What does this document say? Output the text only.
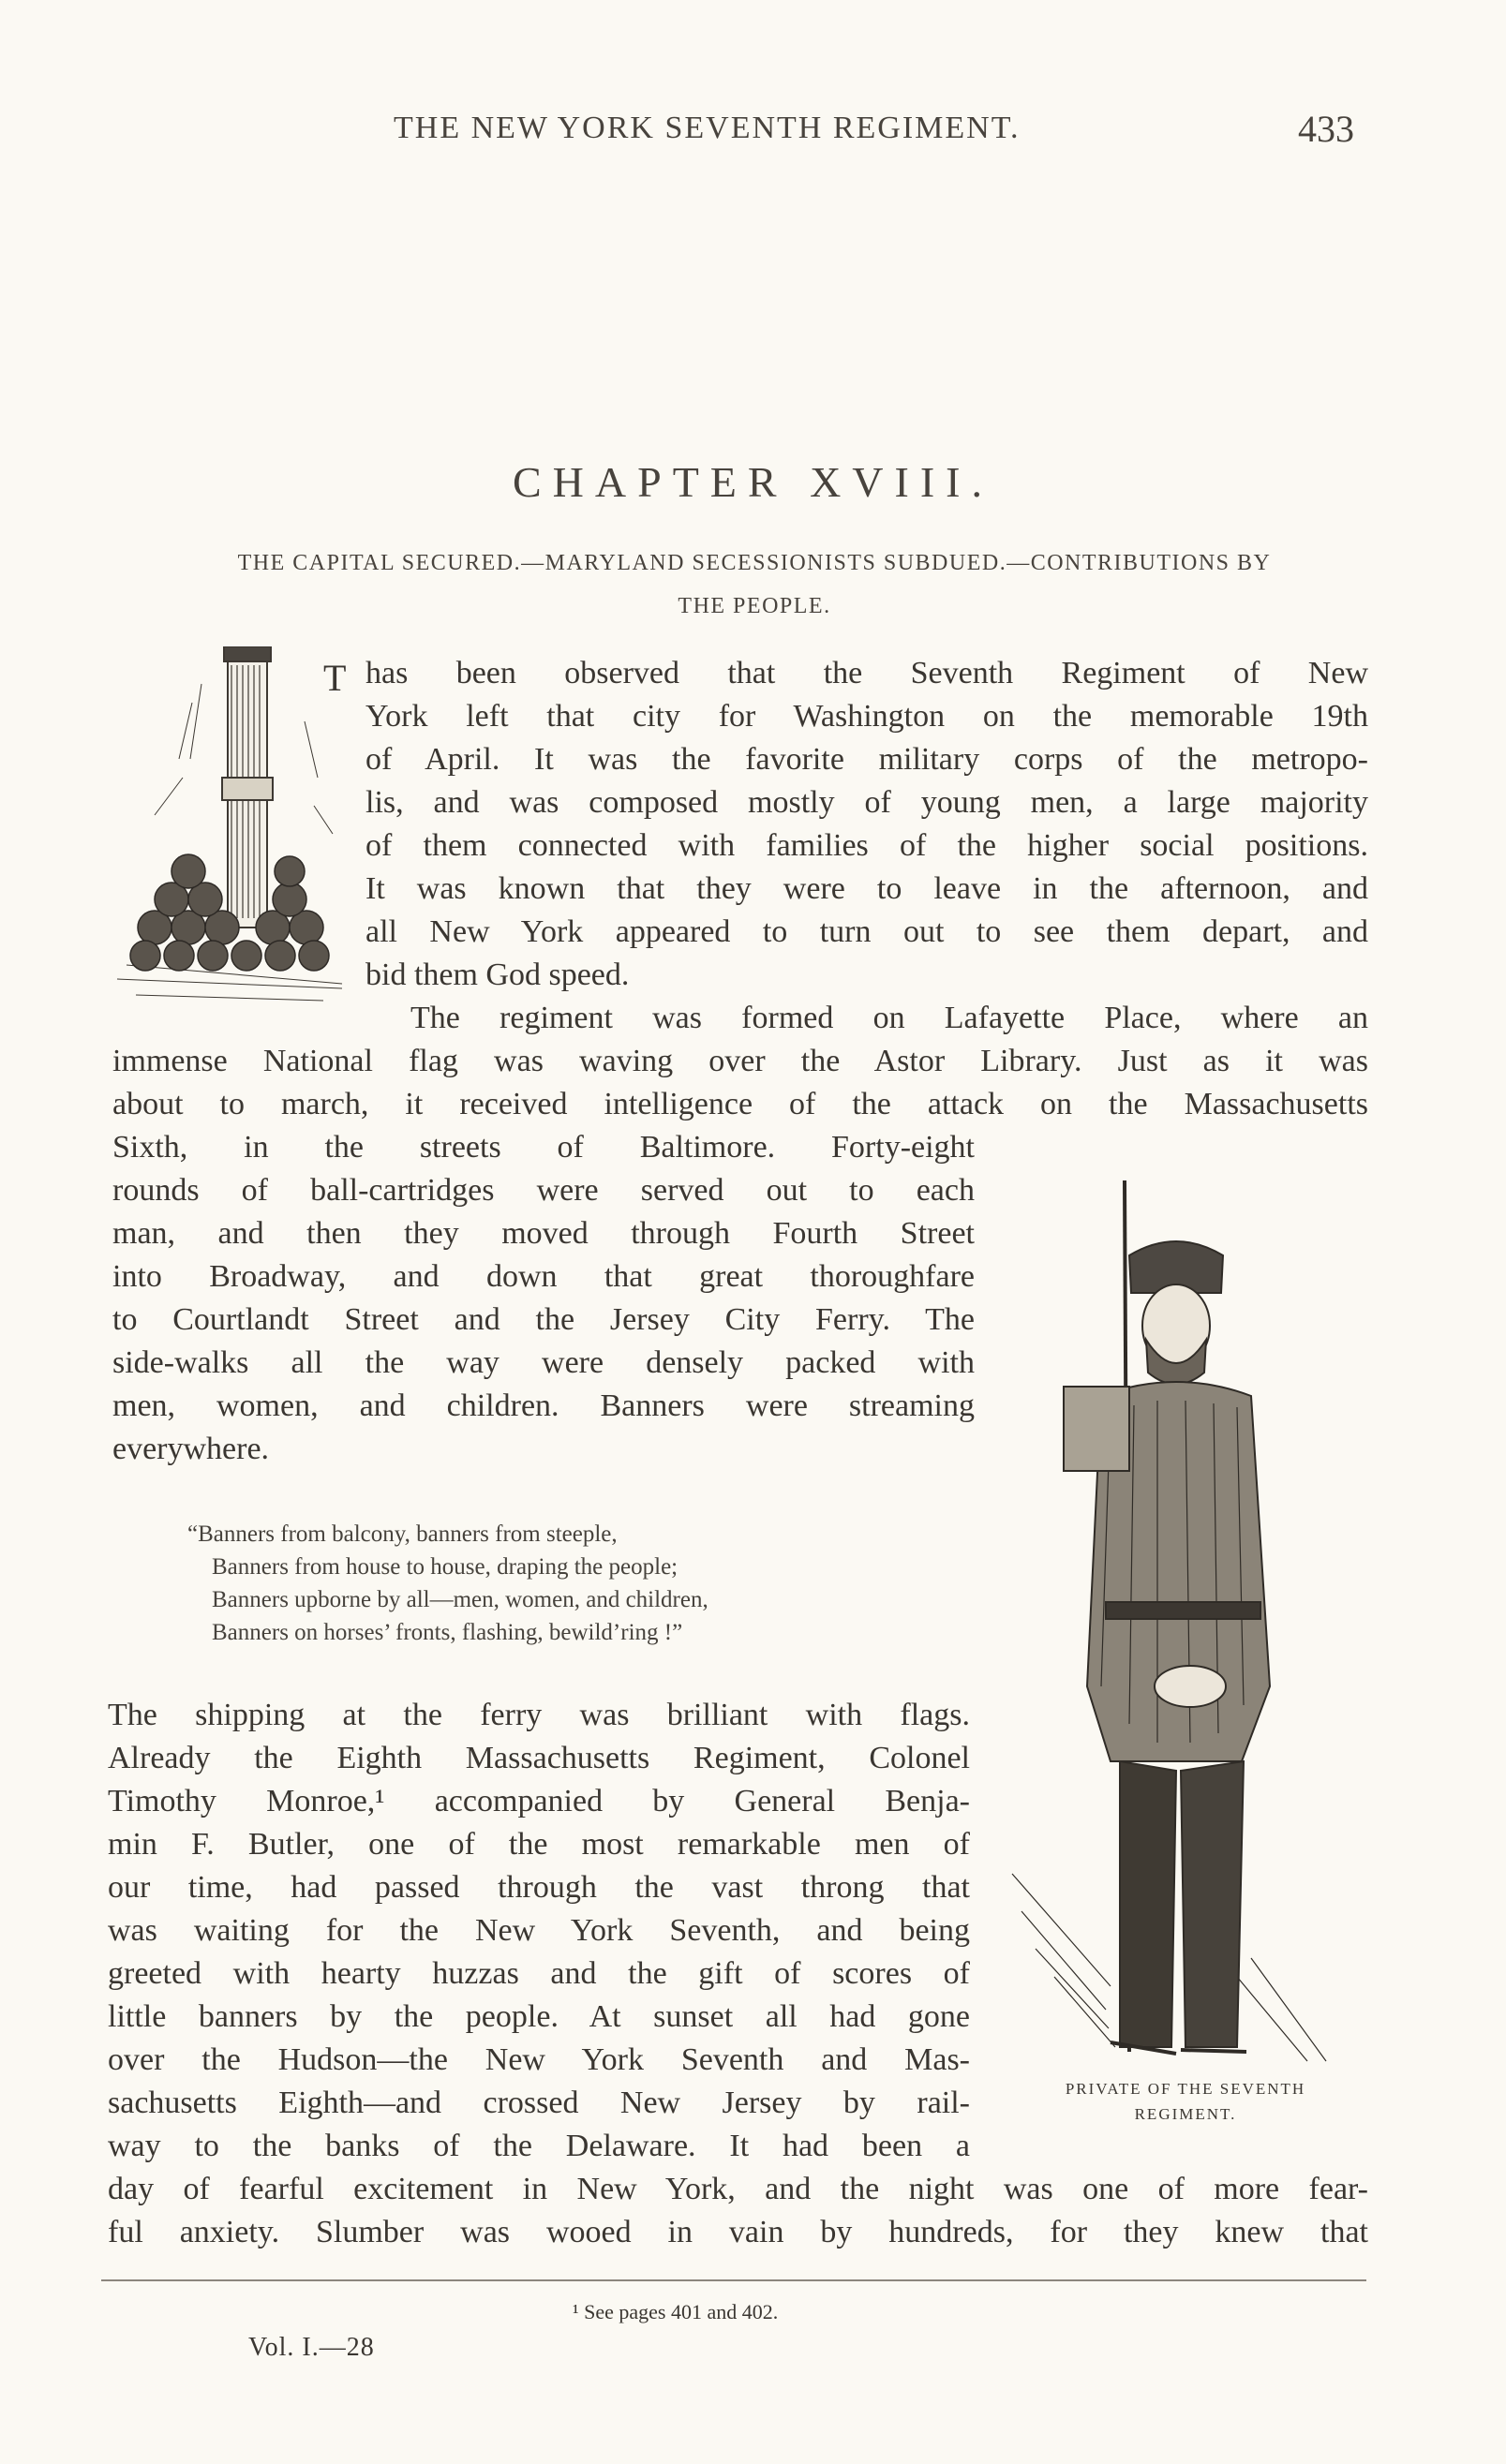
THE NEW YORK SEVENTH REGIMENT.	433
CHAPTER XVIII.
THE CAPITAL SECURED.—MARYLAND SECESSIONISTS SUBDUED.—CONTRIBUTIONS BY
THE PEOPLE.
T has been observed that the Seventh Regiment of New
York left that city for Washington on the memorable 19th
of April. It was the favorite military corps of the metropo-
lis, and was composed mostly of young men, a large majority
of them connected with families of the higher social positions.
It was known that they were to leave in the afternoon, and
all New York appeared to turn out to see them depart, and
bid them God speed.
The regiment was formed on Lafayette Place, where an
immense National flag was waving over the Astor Library. Just as it was
about to march, it received intelligence of the attack on the Massachusetts
Sixth, in the streets of Baltimore. Forty-eight
rounds of ball-cartridges were served out to each
man, and then they moved through Fourth Street
into Broadway, and down that great thoroughfare
to Courtlandt Street and the Jersey City Ferry. The
side-walks all the way were densely packed with
men, women, and children. Banners were streaming
everywhere.
“Banners from balcony, banners from steeple,
Banners from house to house, draping the people;
Banners upborne by all—men, women, and children,
Banners on horses’ fronts, flashing, bewild’ring !”
The shipping at the ferry was brilliant with flags.
Already the Eighth Massachusetts Regiment, Colonel
Timothy Monroe,¹ accompanied by General Benja-
min F. Butler, one of the most remarkable men of
our time, had passed through the vast throng that
was waiting for the New York Seventh, and being
greeted with hearty huzzas and the gift of scores of
little banners by the people. At sunset all had gone
over the Hudson—the New York Seventh and Mas-
sachusetts Eighth—and crossed New Jersey by rail-
way to the banks of the Delaware. It had been a
day of fearful excitement in New York, and the night was one of more fear-
ful anxiety. Slumber was wooed in vain by hundreds, for they knew that
PRIVATE OF THE SEVENTH
REGIMENT.
¹ See pages 401 and 402.
Vol. I.—28
